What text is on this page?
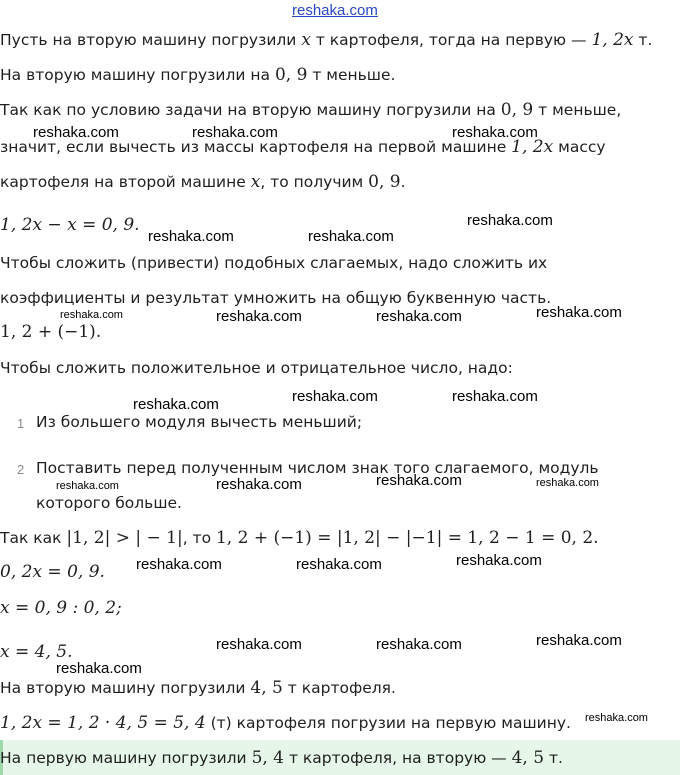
reshaka.com
Пусть на вторую машину погрузили x т картофеля, тогда на первую — 1, 2x т.
На вторую машину погрузили на 0, 9 т меньше.
Так как по условию задачи на вторую машину погрузили на 0, 9 т меньше,
значит, если вычесть из массы картофеля на первой машине 1, 2x массу
картофеля на второй машине x, то получим 0, 9.
1, 2x − x = 0, 9.
Чтобы сложить (привести) подобных слагаемых, надо сложить их
коэффициенты и результат умножить на общую буквенную часть.
1, 2 + (−1).
Чтобы сложить положительное и отрицательное число, надо:
1 Из большего модуля вычесть меньший;
2 Поставить перед полученным числом знак того слагаемого, модуль
которого больше.
Так как |1, 2| > | − 1|, то 1, 2 + (−1) = |1, 2| − |−1| = 1, 2 − 1 = 0, 2.
0, 2x = 0, 9.
x = 0, 9 : 0, 2;
x = 4, 5.
На вторую машину погрузили 4, 5 т картофеля.
1, 2x = 1, 2 · 4, 5 = 5, 4 (т) картофеля погрузии на первую машину.
На первую машину погрузили 5, 4 т картофеля, на вторую — 4, 5 т.
reshaka.com	reshaka.com	reshaka.com
reshaka.com
reshaka.com	reshaka.com
reshaka.com	reshaka.com	reshaka.com	reshaka.com
reshaka.com	reshaka.com
reshaka.com
reshaka.com	reshaka.com	reshaka.com	reshaka.com
reshaka.com
reshaka.com	reshaka.com
reshaka.com
reshaka.com	reshaka.com
reshaka.com
reshaka.com
